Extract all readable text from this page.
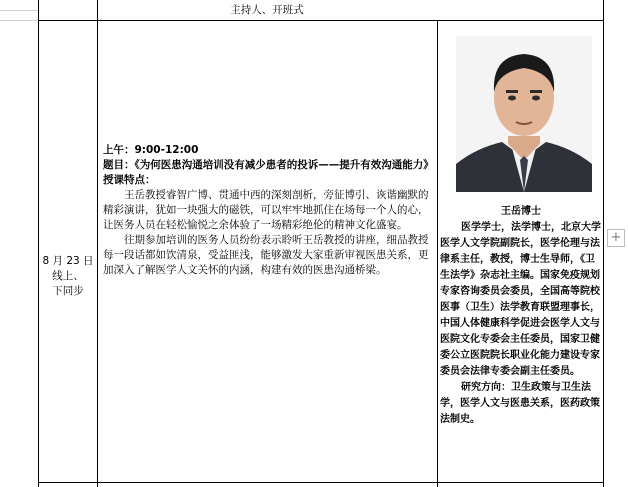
主持人、开班式
8 月 23 日
线上、
下同步

上午：9:00-12:00

题目：《为何医患沟通培训没有减少患者的投诉——提升有效沟通能力》

授课特点：

王岳教授睿智广博、贯通中西的深刻剖析，旁征博引、诙谐幽默的精彩演讲，犹如一块强大的磁铁，可以牢牢地抓住在场每一个人的心，让医务人员在轻松愉悦之余体验了一场精彩绝伦的精神文化盛宴。

往期参加培训的医务人员纷纷表示聆听王岳教授的讲座，细品教授每一段话都如饮清泉，受益匪浅，能够激发大家重新审视医患关系，更加深入了解医学人文关怀的内涵，构建有效的医患沟通桥梁。

王岳博士

医学学士，法学博士，北京大学医学人文学院副院长，医学伦理与法律系主任，教授，博士生导师，《卫生法学》杂志社主编。国家免疫规划专家咨询委员会委员，全国高等院校医事（卫生）法学教育联盟理事长，中国人体健康科学促进会医学人文与医院文化专委会主任委员，国家卫健委公立医院院长职业化能力建设专家委员会法律专委会副主任委员。

研究方向：卫生政策与卫生法学，医学人文与医患关系，医药政策法制史。

+
